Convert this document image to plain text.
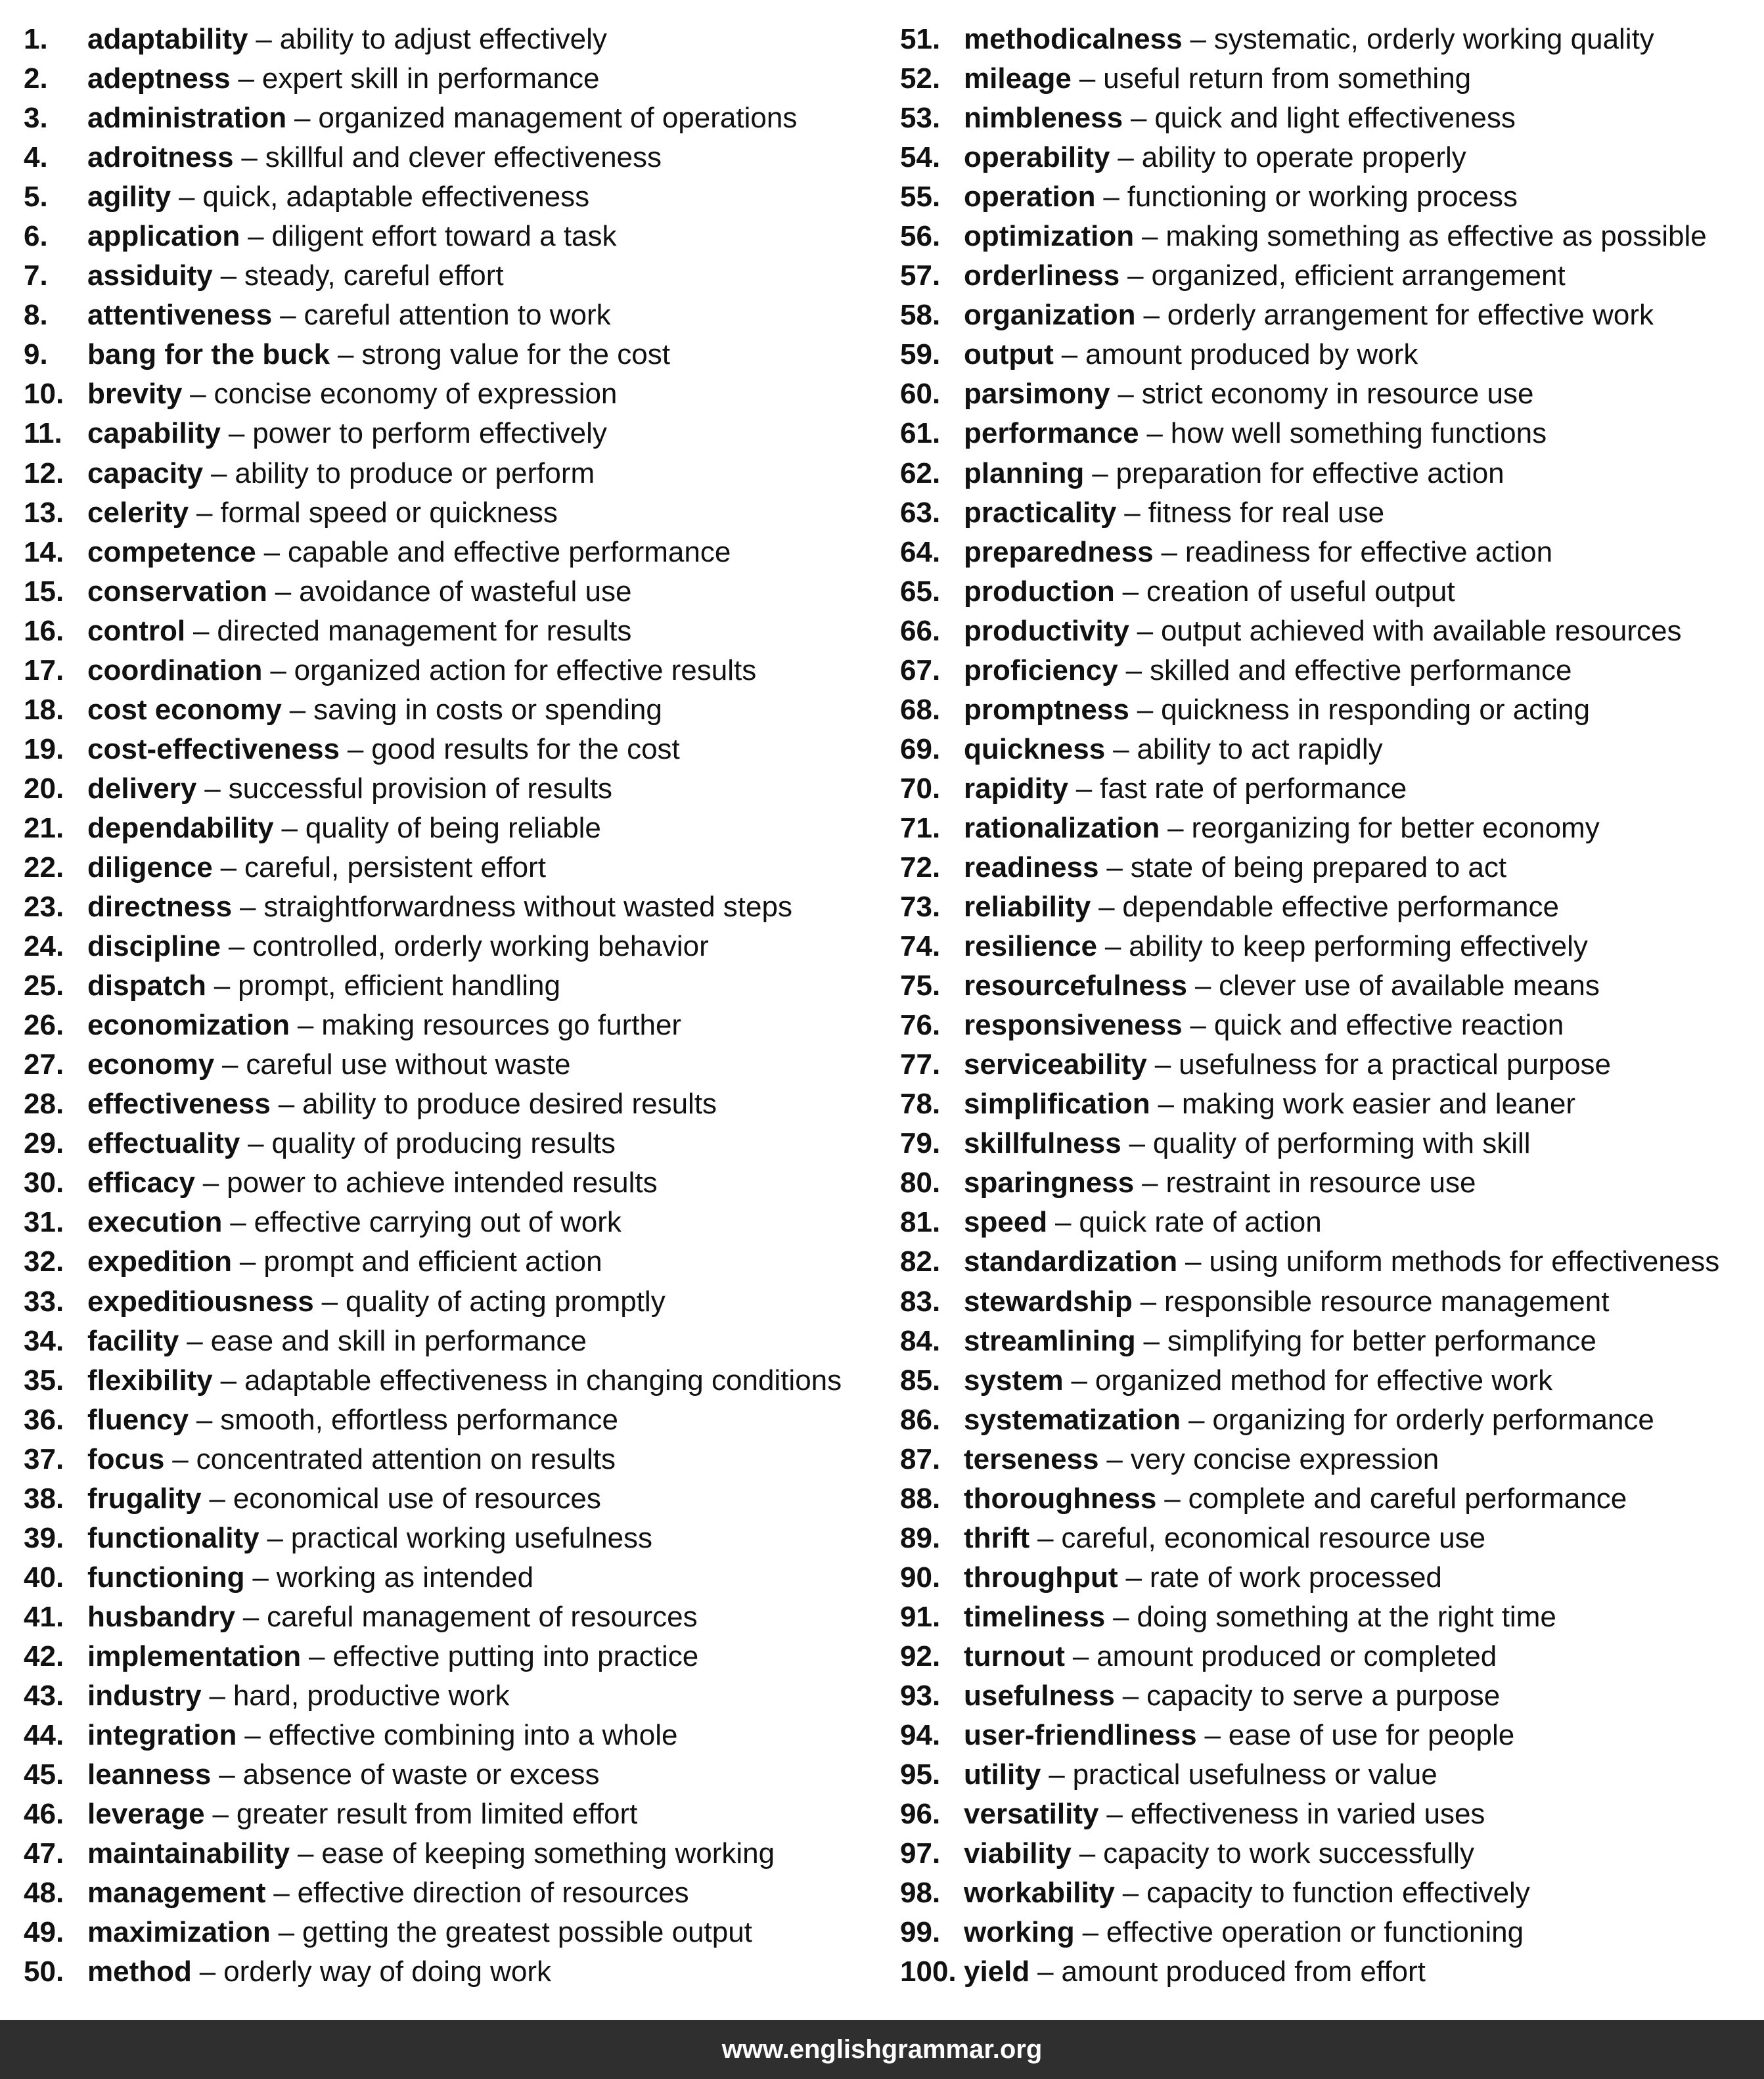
1.	adaptability – ability to adjust effectively
2.	adeptness – expert skill in performance
3.	administration – organized management of operations
4.	adroitness – skillful and clever effectiveness
5.	agility – quick, adaptable effectiveness
6.	application – diligent effort toward a task
7.	assiduity – steady, careful effort
8.	attentiveness – careful attention to work
9.	bang for the buck – strong value for the cost
10. brevity – concise economy of expression
11. capability – power to perform effectively
12. capacity – ability to produce or perform
13. celerity – formal speed or quickness
14. competence – capable and effective performance
15. conservation – avoidance of wasteful use
16. control – directed management for results
17. coordination – organized action for effective results
18. cost economy – saving in costs or spending
19. cost-effectiveness – good results for the cost
20. delivery – successful provision of results
21. dependability – quality of being reliable
22. diligence – careful, persistent effort
23. directness – straightforwardness without wasted steps
24. discipline – controlled, orderly working behavior
25. dispatch – prompt, efficient handling
26. economization – making resources go further
27. economy – careful use without waste
28. effectiveness – ability to produce desired results
29. effectuality – quality of producing results
30. efficacy – power to achieve intended results
31. execution – effective carrying out of work
32. expedition – prompt and efficient action
33. expeditiousness – quality of acting promptly
34. facility – ease and skill in performance
35. flexibility – adaptable effectiveness in changing conditions
36. fluency – smooth, effortless performance
37. focus – concentrated attention on results
38. frugality – economical use of resources
39. functionality – practical working usefulness
40. functioning – working as intended
41. husbandry – careful management of resources
42. implementation – effective putting into practice
43. industry – hard, productive work
44. integration – effective combining into a whole
45. leanness – absence of waste or excess
46. leverage – greater result from limited effort
47. maintainability – ease of keeping something working
48. management – effective direction of resources
49. maximization – getting the greatest possible output
50. method – orderly way of doing work
51. methodicalness – systematic, orderly working quality
52. mileage – useful return from something
53. nimbleness – quick and light effectiveness
54. operability – ability to operate properly
55. operation – functioning or working process
56. optimization – making something as effective as possible
57. orderliness – organized, efficient arrangement
58. organization – orderly arrangement for effective work
59. output – amount produced by work
60. parsimony – strict economy in resource use
61. performance – how well something functions
62. planning – preparation for effective action
63. practicality – fitness for real use
64. preparedness – readiness for effective action
65. production – creation of useful output
66. productivity – output achieved with available resources
67. proficiency – skilled and effective performance
68. promptness – quickness in responding or acting
69. quickness – ability to act rapidly
70. rapidity – fast rate of performance
71. rationalization – reorganizing for better economy
72. readiness – state of being prepared to act
73. reliability – dependable effective performance
74. resilience – ability to keep performing effectively
75. resourcefulness – clever use of available means
76. responsiveness – quick and effective reaction
77. serviceability – usefulness for a practical purpose
78. simplification – making work easier and leaner
79. skillfulness – quality of performing with skill
80. sparingness – restraint in resource use
81. speed – quick rate of action
82. standardization – using uniform methods for effectiveness
83. stewardship – responsible resource management
84. streamlining – simplifying for better performance
85. system – organized method for effective work
86. systematization – organizing for orderly performance
87. terseness – very concise expression
88. thoroughness – complete and careful performance
89. thrift – careful, economical resource use
90. throughput – rate of work processed
91. timeliness – doing something at the right time
92. turnout – amount produced or completed
93. usefulness – capacity to serve a purpose
94. user-friendliness – ease of use for people
95. utility – practical usefulness or value
96. versatility – effectiveness in varied uses
97. viability – capacity to work successfully
98. workability – capacity to function effectively
99. working – effective operation or functioning
100. yield – amount produced from effort
www.englishgrammar.org
